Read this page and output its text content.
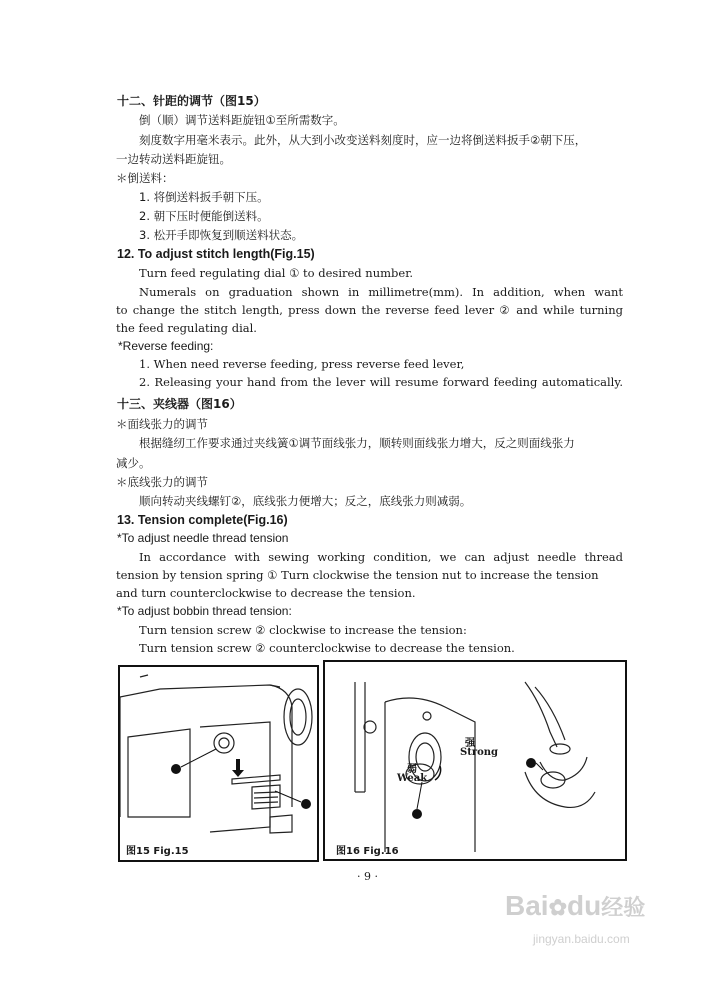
十二、针距的调节（图15）
倒（顺）调节送料距旋钮①至所需数字。
刻度数字用毫米表示。此外，从大到小改变送料刻度时，应一边将倒送料扳手②朝下压，
一边转动送料距旋钮。
＊倒送料：
1. 将倒送料扳手朝下压。
2. 朝下压时便能倒送料。
3. 松开手即恢复到顺送料状态。
12. To adjust stitch length(Fig.15)
Turn feed regulating dial ① to desired number.
Numerals on graduation shown in millimetre(mm). In addition, when want
to change the stitch length, press down the reverse feed lever ② and while turning
the feed regulating dial.
*Reverse feeding:
1. When need reverse feeding, press reverse feed lever,
2. Releasing your hand from the lever will resume forward feeding automatically.
十三、夹线器（图16）
＊面线张力的调节
根据缝纫工作要求通过夹线簧①调节面线张力，顺转则面线张力增大，反之则面线张力
减少。
＊底线张力的调节
顺向转动夹线螺钉②，底线张力便增大；反之，底线张力则减弱。
13. Tension complete(Fig.16)
*To adjust needle thread tension
In accordance with sewing working condition, we can adjust needle thread
tension by tension spring ① Turn clockwise the tension nut to increase the tension
and turn counterclockwise to decrease the tension.
*To adjust bobbin thread tension:
Turn tension screw ② clockwise to increase the tension:
Turn tension screw ② counterclockwise to decrease the tension.
图15 Fig.15
强
Strong
弱
Weak
图16 Fig.16
· 9 ·
Bai✿du经验
jingyan.baidu.com
